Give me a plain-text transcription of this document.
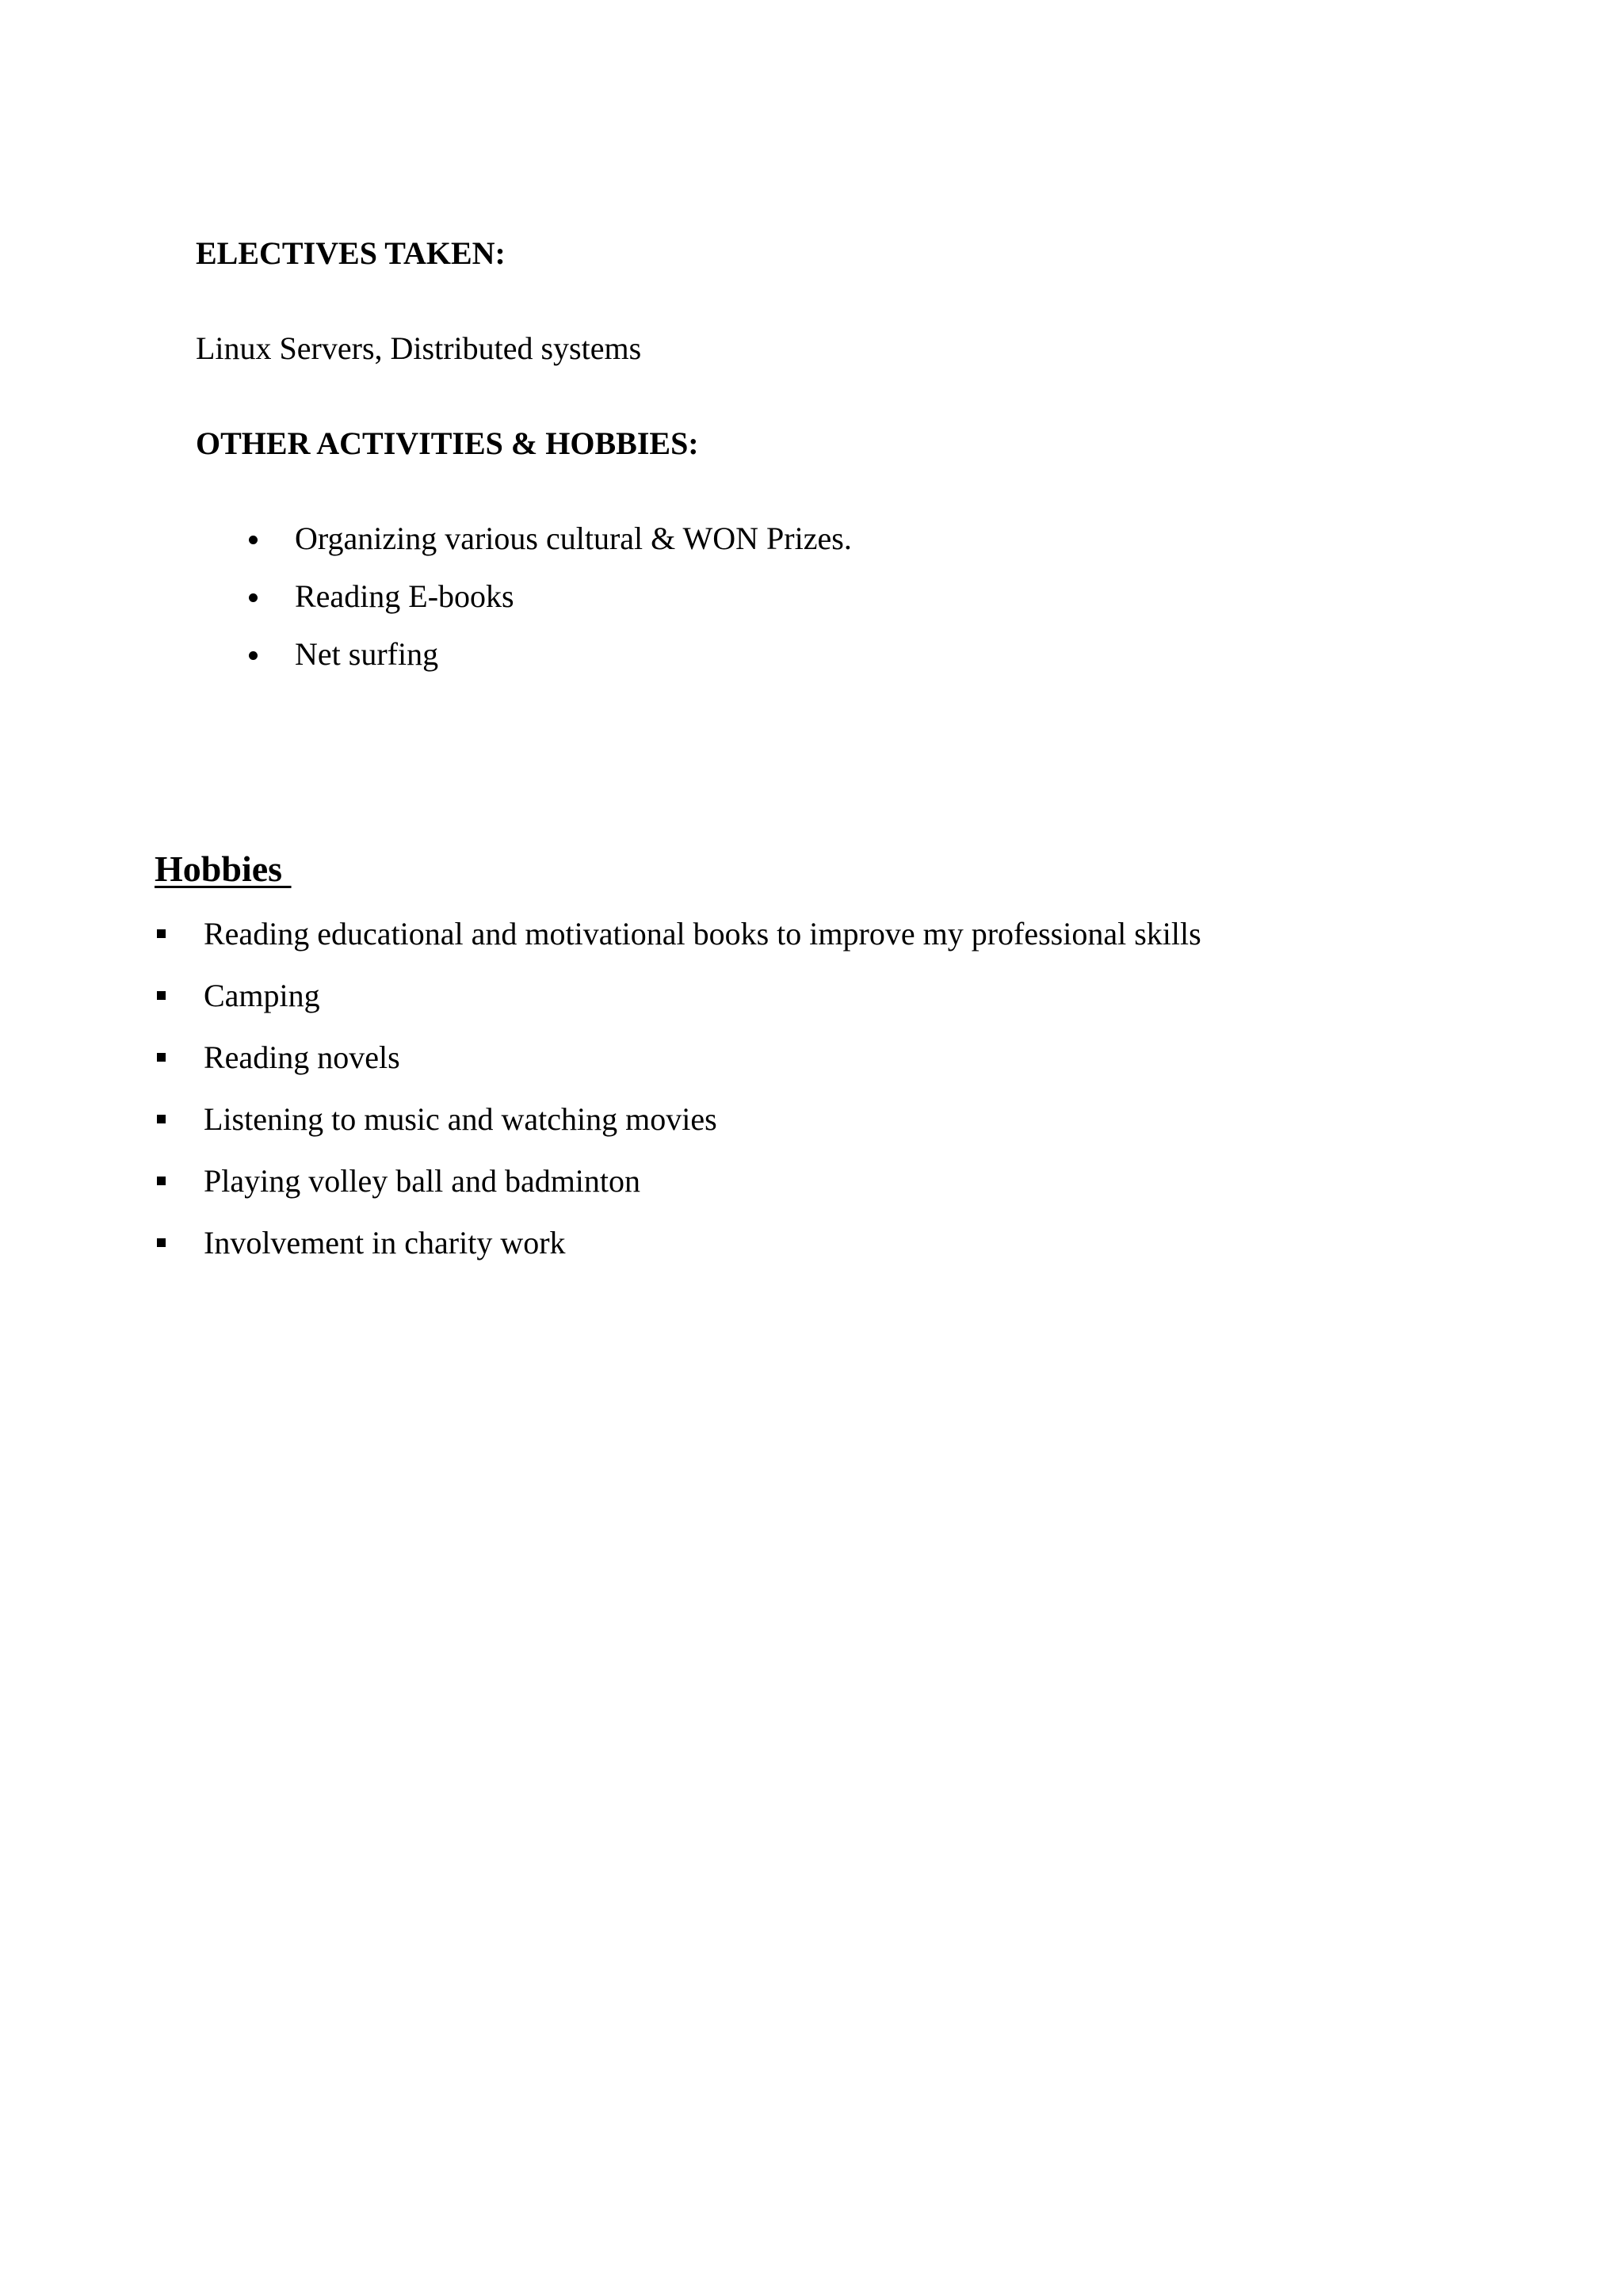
ELECTIVES TAKEN:
Linux Servers, Distributed systems
OTHER ACTIVITIES & HOBBIES:
Organizing various cultural & WON Prizes.
Reading E-books
Net surfing
Hobbies
Reading educational and motivational books to improve my professional skills
Camping
Reading novels
Listening to music and watching movies
Playing volley ball and badminton
Involvement in charity work
